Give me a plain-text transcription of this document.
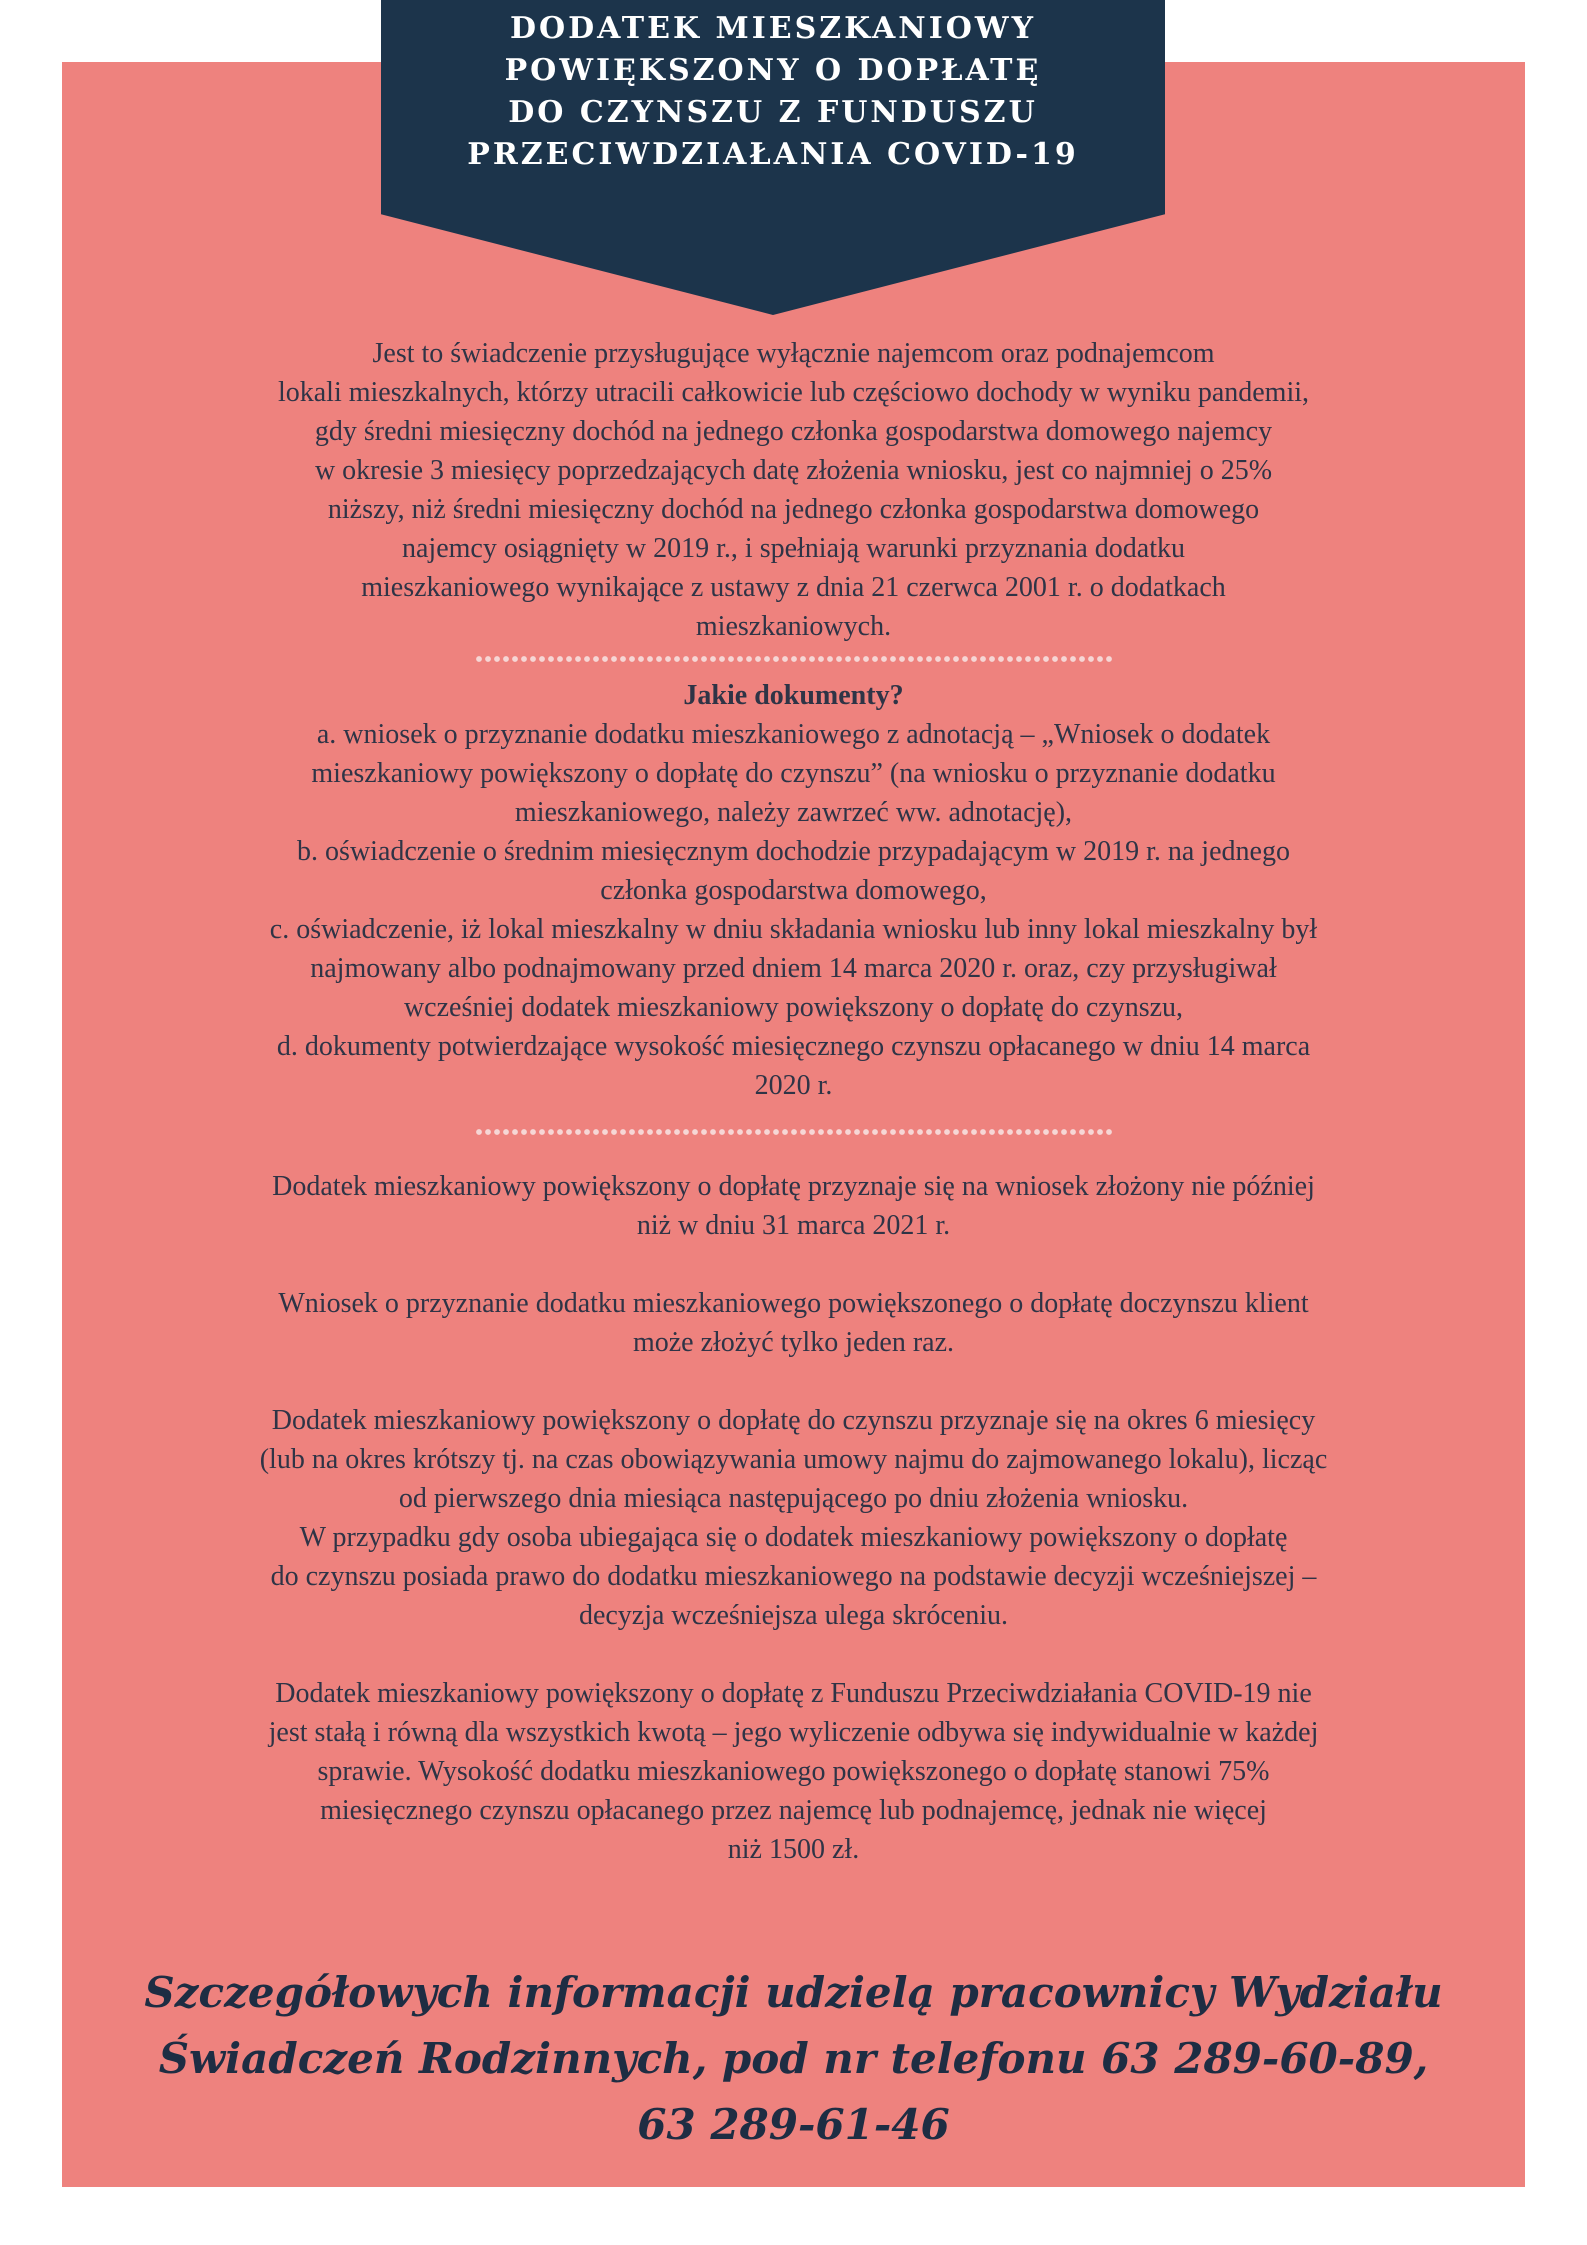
DODATEK MIESZKANIOWY
POWIĘKSZONY O DOPŁATĘ
DO CZYNSZU Z FUNDUSZU
PRZECIWDZIAŁANIA COVID-19

Jest to świadczenie przysługujące wyłącznie najemcom oraz podnajemcom
lokali mieszkalnych, którzy utracili całkowicie lub częściowo dochody w wyniku pandemii,
gdy średni miesięczny dochód na jednego członka gospodarstwa domowego najemcy
w okresie 3 miesięcy poprzedzających datę złożenia wniosku, jest co najmniej o 25%
niższy, niż średni miesięczny dochód na jednego członka gospodarstwa domowego
najemcy osiągnięty w 2019 r., i spełniają warunki przyznania dodatku
mieszkaniowego wynikające z ustawy z dnia 21 czerwca 2001 r. o dodatkach
mieszkaniowych.

Jakie dokumenty?

a. wniosek o przyznanie dodatku mieszkaniowego z adnotacją – „Wniosek o dodatek
mieszkaniowy powiększony o dopłatę do czynszu” (na wniosku o przyznanie dodatku
mieszkaniowego, należy zawrzeć ww. adnotację),
b. oświadczenie o średnim miesięcznym dochodzie przypadającym w 2019 r. na jednego
członka gospodarstwa domowego,
c. oświadczenie, iż lokal mieszkalny w dniu składania wniosku lub inny lokal mieszkalny był
najmowany albo podnajmowany przed dniem 14 marca 2020 r. oraz, czy przysługiwał
wcześniej dodatek mieszkaniowy powiększony o dopłatę do czynszu,
d. dokumenty potwierdzające wysokość miesięcznego czynszu opłacanego w dniu 14 marca
2020 r.

Dodatek mieszkaniowy powiększony o dopłatę przyznaje się na wniosek złożony nie później
niż w dniu 31 marca 2021 r.

Wniosek o przyznanie dodatku mieszkaniowego powiększonego o dopłatę doczynszu klient
może złożyć tylko jeden raz.

Dodatek mieszkaniowy powiększony o dopłatę do czynszu przyznaje się na okres 6 miesięcy
(lub na okres krótszy tj. na czas obowiązywania umowy najmu do zajmowanego lokalu), licząc
od pierwszego dnia miesiąca następującego po dniu złożenia wniosku.
W przypadku gdy osoba ubiegająca się o dodatek mieszkaniowy powiększony o dopłatę
do czynszu posiada prawo do dodatku mieszkaniowego na podstawie decyzji wcześniejszej –
decyzja wcześniejsza ulega skróceniu.

Dodatek mieszkaniowy powiększony o dopłatę z Funduszu Przeciwdziałania COVID-19 nie
jest stałą i równą dla wszystkich kwotą – jego wyliczenie odbywa się indywidualnie w każdej
sprawie. Wysokość dodatku mieszkaniowego powiększonego o dopłatę stanowi 75%
miesięcznego czynszu opłacanego przez najemcę lub podnajemcę, jednak nie więcej
niż 1500 zł.

Szczegółowych informacji udzielą pracownicy Wydziału
Świadczeń Rodzinnych, pod nr telefonu 63 289-60-89,
63 289-61-46
